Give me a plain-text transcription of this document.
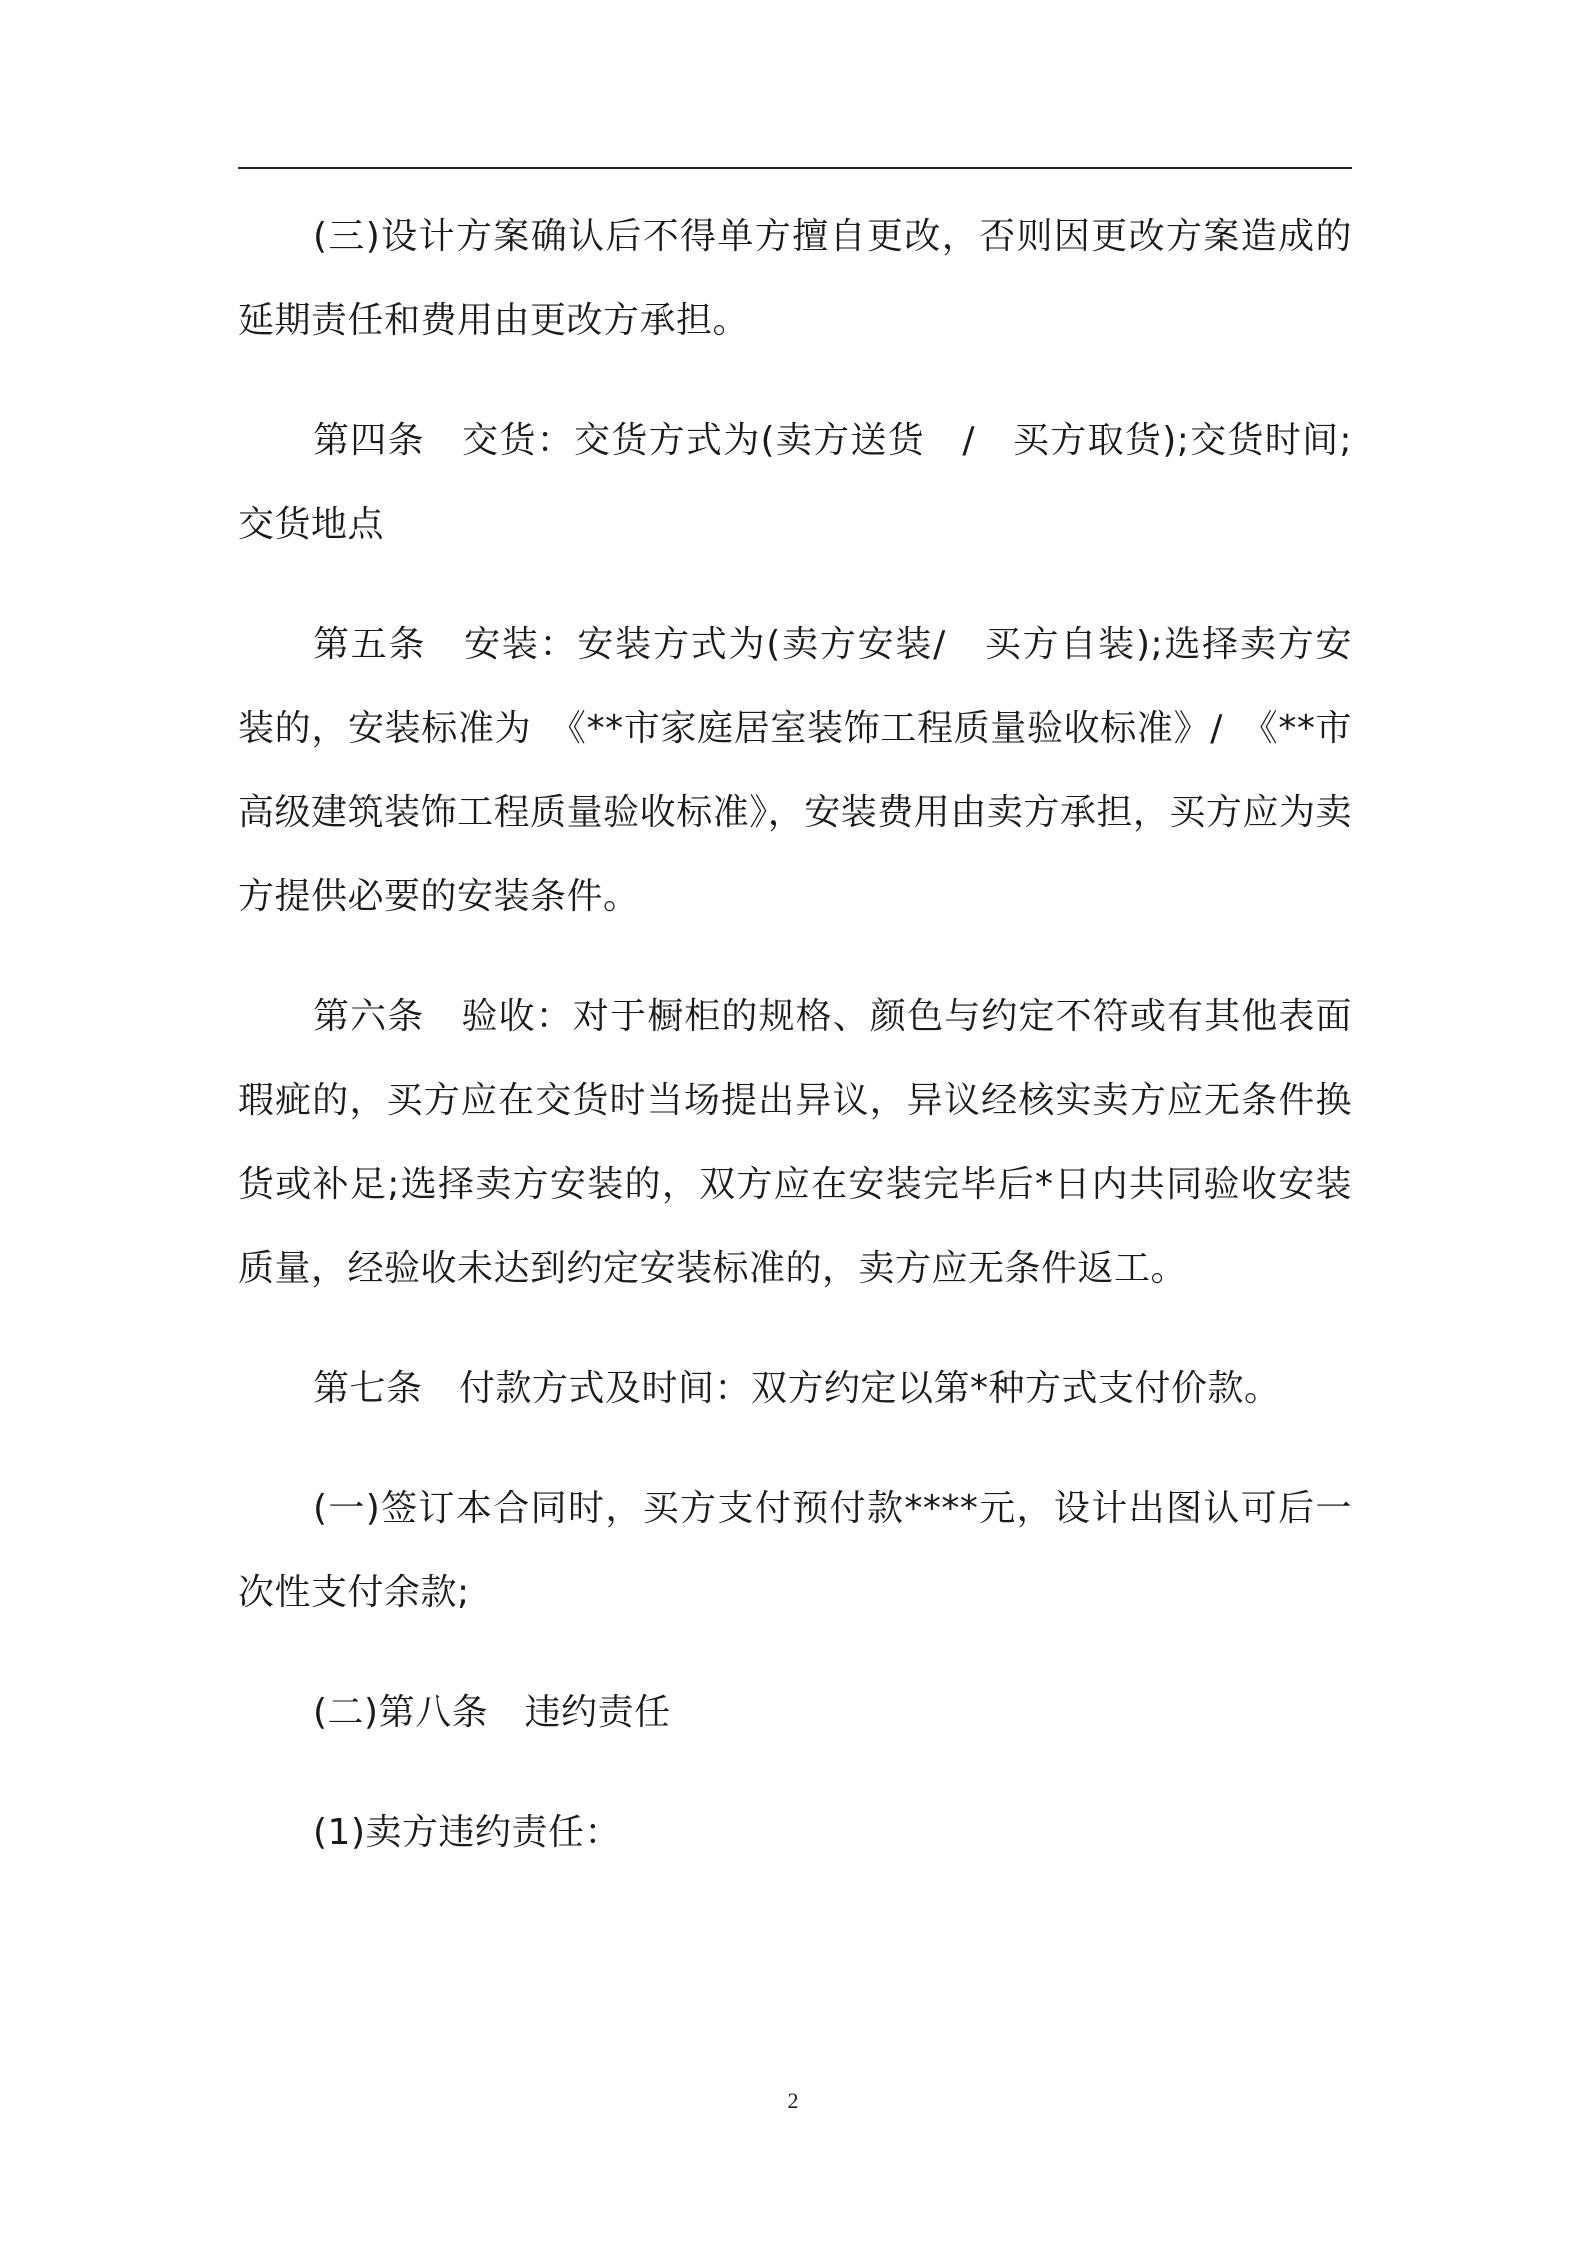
(三)设计方案确认后不得单方擅自更改，否则因更改方案造成的延期责任和费用由更改方承担。

第四条　交货：交货方式为(卖方送货　/　买方取货);交货时间;交货地点

第五条　安装：安装方式为(卖方安装/　买方自装);选择卖方安装的，安装标准为　《**市家庭居室装饰工程质量验收标准》/　《**市高级建筑装饰工程质量验收标准》，安装费用由卖方承担，买方应为卖方提供必要的安装条件。

第六条　验收：对于橱柜的规格、颜色与约定不符或有其他表面瑕疵的，买方应在交货时当场提出异议，异议经核实卖方应无条件换货或补足;选择卖方安装的，双方应在安装完毕后*日内共同验收安装质量，经验收未达到约定安装标准的，卖方应无条件返工。

第七条　付款方式及时间：双方约定以第*种方式支付价款。

(一)签订本合同时，买方支付预付款****元，设计出图认可后一次性支付余款;

(二)第八条　违约责任

(1)卖方违约责任：

2
